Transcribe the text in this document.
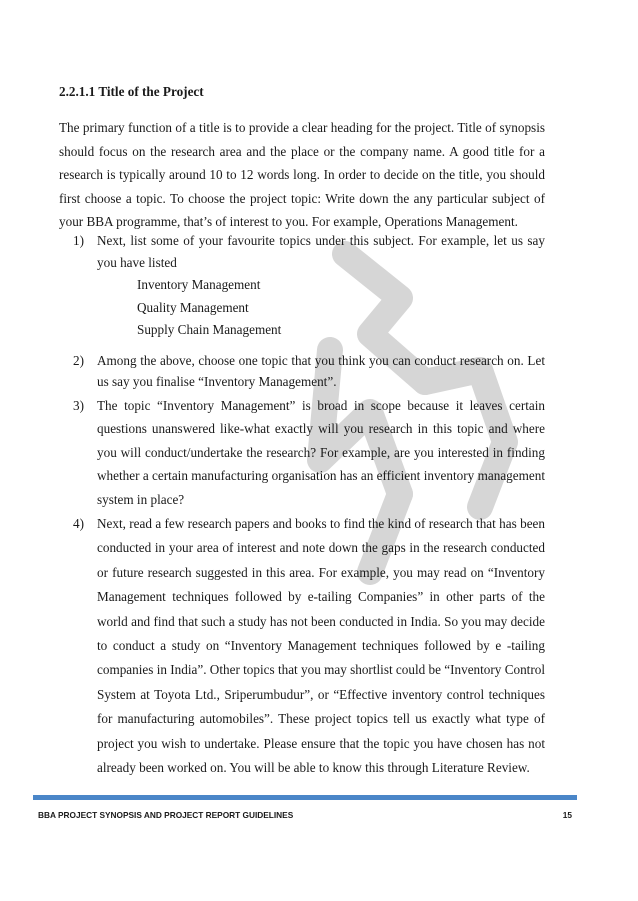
2.2.1.1 Title of the Project

The primary function of a title is to provide a clear heading for the project. Title of synopsis should focus on the research area and the place or the company name. A good title for a research is typically around 10 to 12 words long. In order to decide on the title, you should first choose a topic. To choose the project topic: Write down the any particular subject of your BBA programme, that’s of interest to you. For example, Operations Management.

1) Next, list some of your favourite topics under this subject. For example, let us say you have listed
Inventory Management
Quality Management
Supply Chain Management
2) Among the above, choose one topic that you think you can conduct research on. Let us say you finalise “Inventory Management”.
3) The topic “Inventory Management” is broad in scope because it leaves certain questions unanswered like-what exactly will you research in this topic and where you will conduct/undertake the research? For example, are you interested in finding whether a certain manufacturing organisation has an efficient inventory management system in place?
4) Next, read a few research papers and books to find the kind of research that has been conducted in your area of interest and note down the gaps in the research conducted or future research suggested in this area. For example, you may read on “Inventory Management techniques followed by e-tailing Companies” in other parts of the world and find that such a study has not been conducted in India. So you may decide to conduct a study on “Inventory Management techniques followed by e -tailing companies in India”. Other topics that you may shortlist could be “Inventory Control System at Toyota Ltd., Sriperumbudur”, or “Effective inventory control techniques for manufacturing automobiles”. These project topics tell us exactly what type of project you wish to undertake. Please ensure that the topic you have chosen has not already been worked on. You will be able to know this through Literature Review.
BBA PROJECT SYNOPSIS AND PROJECT REPORT GUIDELINES	15
